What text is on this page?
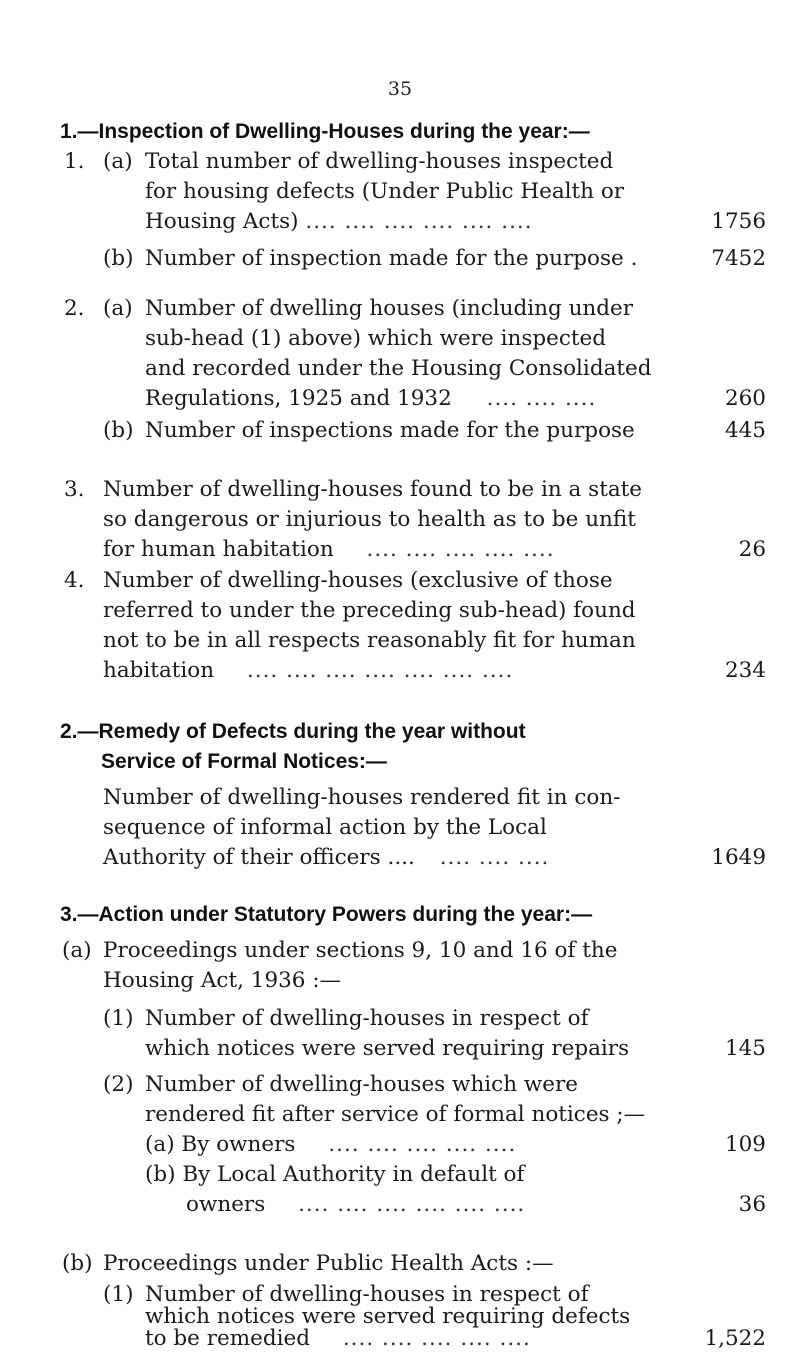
35
1.—Inspection of Dwelling-Houses during the year:—
1. (a) Total number of dwelling-houses inspected
for housing defects (Under Public Health or
Housing Acts) .... .... .... .... .... ....	1756
(b) Number of inspection made for the purpose .	7452
2. (a) Number of dwelling houses (including under
sub-head (1) above) which were inspected
and recorded under the Housing Consolidated
Regulations, 1925 and 1932 .... .... ....	260
(b) Number of inspections made for the purpose	445
3. Number of dwelling-houses found to be in a state
so dangerous or injurious to health as to be unfit
for human habitation .... .... .... .... ....	26
4. Number of dwelling-houses (exclusive of those
referred to under the preceding sub-head) found
not to be in all respects reasonably fit for human
habitation .... .... .... .... .... .... ....	234
2.—Remedy of Defects during the year without
Service of Formal Notices:—
Number of dwelling-houses rendered fit in con-
sequence of informal action by the Local
Authority of their officers .... .... .... ....	1649
3.—Action under Statutory Powers during the year:—
(a) Proceedings under sections 9, 10 and 16 of the
Housing Act, 1936 :—
(1) Number of dwelling-houses in respect of
which notices were served requiring repairs	145
(2) Number of dwelling-houses which were
rendered fit after service of formal notices ;—
(a) By owners .... .... .... .... ....	109
(b) By Local Authority in default of
owners .... .... .... .... .... ....	36
(b) Proceedings under Public Health Acts :—
(1) Number of dwelling-houses in respect of
which notices were served requiring defects
to be remedied .... .... .... .... ....	1,522
